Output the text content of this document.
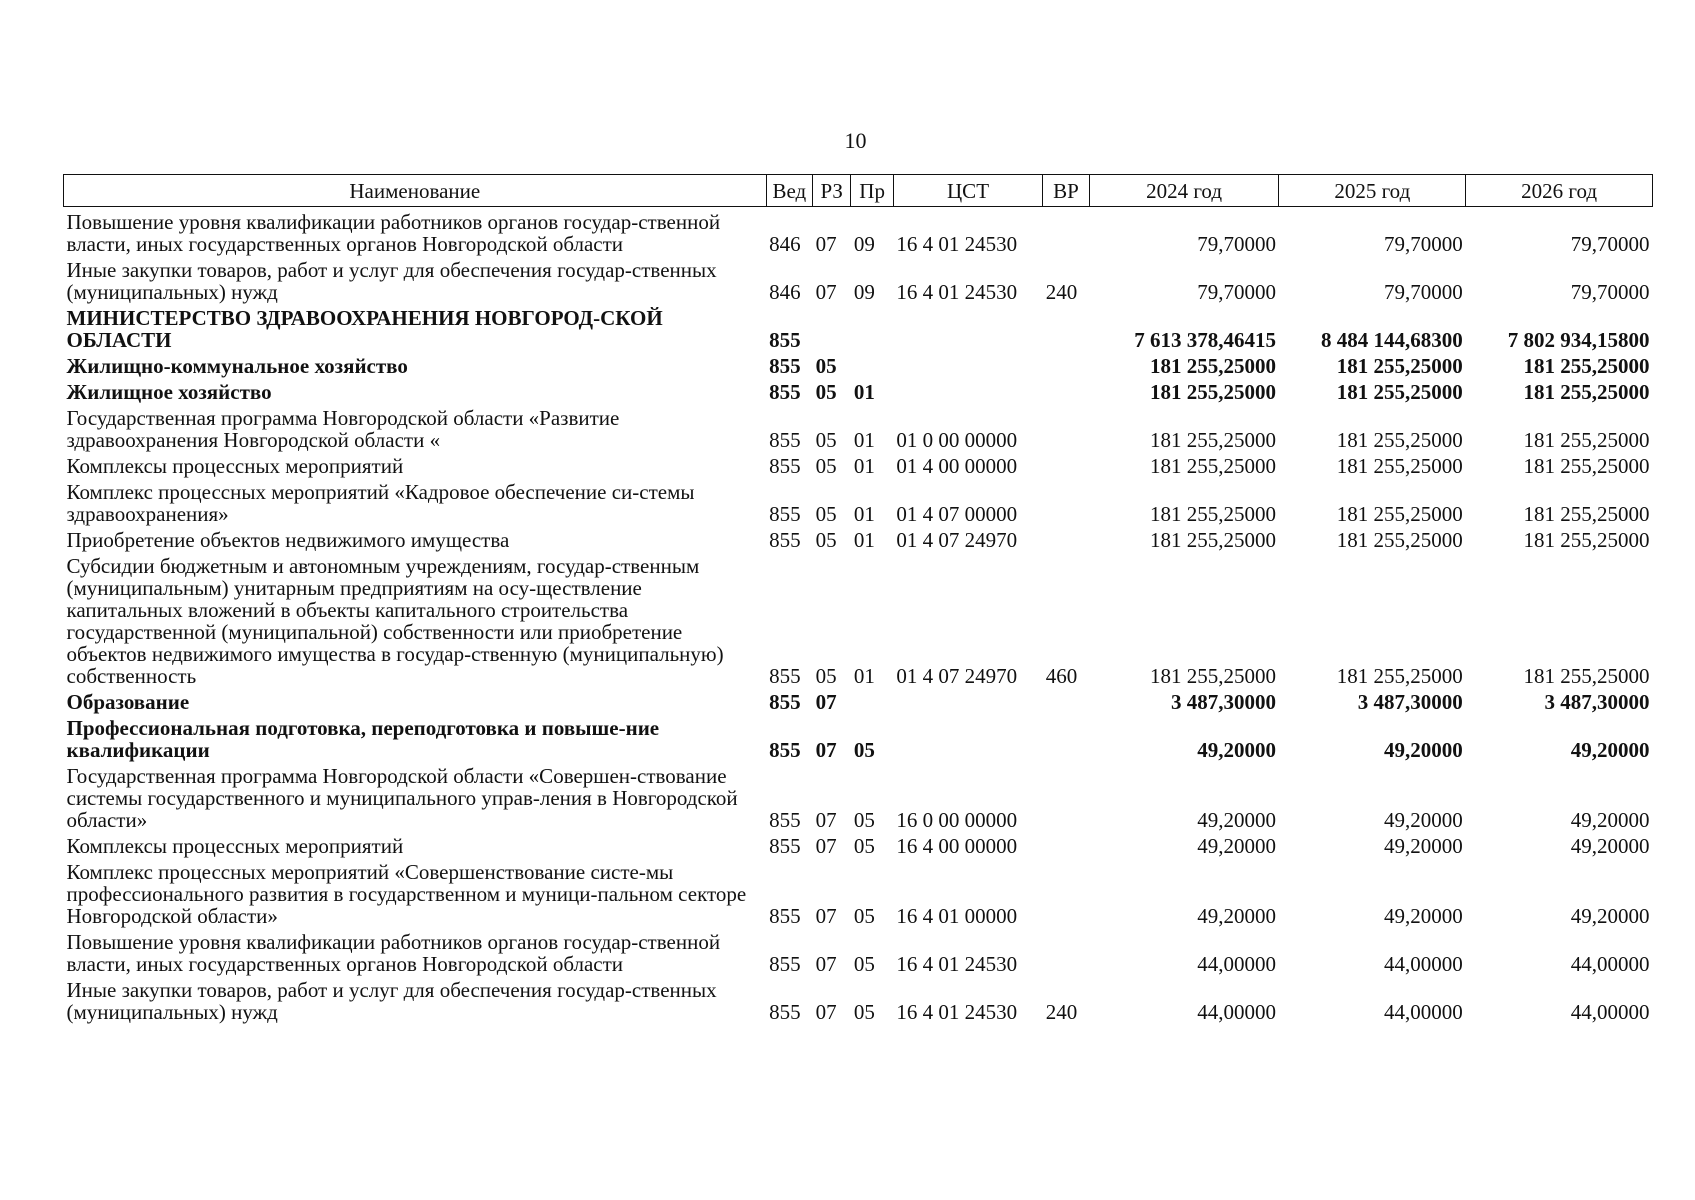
10
Наименование	Вед	РЗ	Пр	ЦСТ	ВР	2024 год	2025 год	2026 год
Повышение уровня квалификации работников органов государ-ственной власти, иных государственных органов Новгородской области	846	07	09	16 4 01 24530		79,70000	79,70000	79,70000
Иные закупки товаров, работ и услуг для обеспечения государ-ственных (муниципальных) нужд	846	07	09	16 4 01 24530	240	79,70000	79,70000	79,70000
МИНИСТЕРСТВО ЗДРАВООХРАНЕНИЯ НОВГОРОД-СКОЙ ОБЛАСТИ	855					7 613 378,46415	8 484 144,68300	7 802 934,15800
Жилищно-коммунальное хозяйство	855	05				181 255,25000	181 255,25000	181 255,25000
Жилищное хозяйство	855	05	01			181 255,25000	181 255,25000	181 255,25000
Государственная программа Новгородской области «Развитие здравоохранения Новгородской области «	855	05	01	01 0 00 00000		181 255,25000	181 255,25000	181 255,25000
Комплексы процессных мероприятий	855	05	01	01 4 00 00000		181 255,25000	181 255,25000	181 255,25000
Комплекс процессных мероприятий «Кадровое обеспечение си-стемы здравоохранения»	855	05	01	01 4 07 00000		181 255,25000	181 255,25000	181 255,25000
Приобретение объектов недвижимого имущества	855	05	01	01 4 07 24970		181 255,25000	181 255,25000	181 255,25000
Субсидии бюджетным и автономным учреждениям, государ-ственным (муниципальным) унитарным предприятиям на осу-ществление капитальных вложений в объекты капитального строительства государственной (муниципальной) собственности или приобретение объектов недвижимого имущества в государ-ственную (муниципальную) собственность	855	05	01	01 4 07 24970	460	181 255,25000	181 255,25000	181 255,25000
Образование	855	07				3 487,30000	3 487,30000	3 487,30000
Профессиональная подготовка, переподготовка и повыше-ние квалификации	855	07	05			49,20000	49,20000	49,20000
Государственная программа Новгородской области «Совершен-ствование системы государственного и муниципального управ-ления в Новгородской области»	855	07	05	16 0 00 00000		49,20000	49,20000	49,20000
Комплексы процессных мероприятий	855	07	05	16 4 00 00000		49,20000	49,20000	49,20000
Комплекс процессных мероприятий «Совершенствование систе-мы профессионального развития в государственном и муници-пальном секторе Новгородской области»	855	07	05	16 4 01 00000		49,20000	49,20000	49,20000
Повышение уровня квалификации работников органов государ-ственной власти, иных государственных органов Новгородской области	855	07	05	16 4 01 24530		44,00000	44,00000	44,00000
Иные закупки товаров, работ и услуг для обеспечения государ-ственных (муниципальных) нужд	855	07	05	16 4 01 24530	240	44,00000	44,00000	44,00000
